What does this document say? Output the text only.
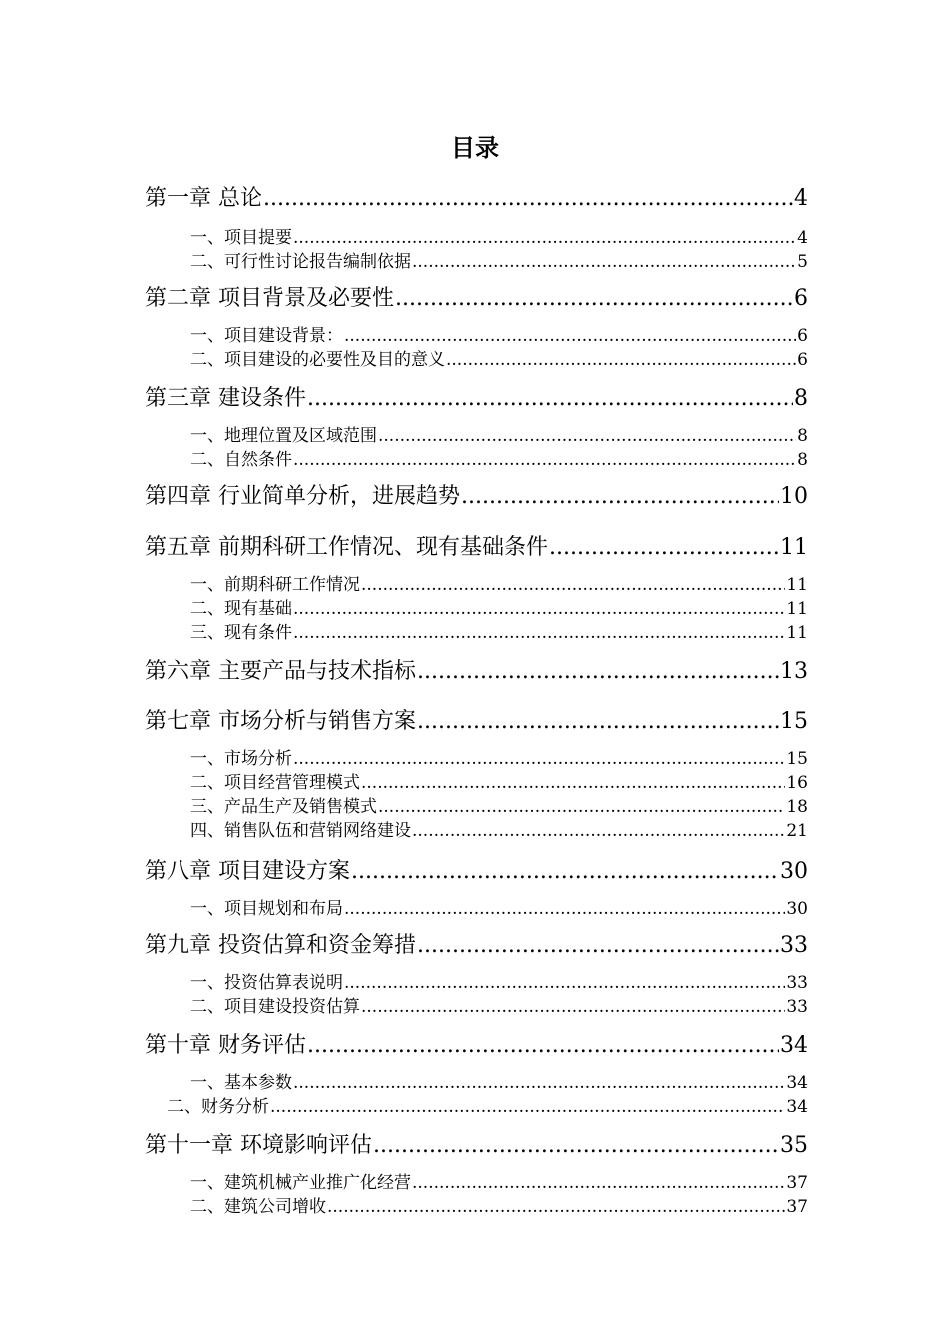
目录
第一章 总论 .....	4
一、项目提要 .....	4
二、可行性讨论报告编制依据 .....	5
第二章 项目背景及必要性 .....	6
一、项目建设背景： .....	6
二、项目建设的必要性及目的意义 .....	6
第三章 建设条件 .....	8
一、地理位置及区域范围 .....	8
二、自然条件 .....	8
第四章 行业简单分析，进展趋势 .....	10
第五章 前期科研工作情况、现有基础条件 .....	11
一、前期科研工作情况 .....	11
二、现有基础 .....	11
三、现有条件 .....	11
第六章 主要产品与技术指标 .....	13
第七章 市场分析与销售方案 .....	15
一、市场分析 .....	15
二、项目经营管理模式 .....	16
三、产品生产及销售模式 .....	18
四、销售队伍和营销网络建设 .....	21
第八章 项目建设方案 .....	30
一、项目规划和布局 .....	30
第九章 投资估算和资金筹措 .....	33
一、投资估算表说明 .....	33
二、项目建设投资估算 .....	33
第十章 财务评估 .....	34
一、基本参数 .....	34
二、财务分析 .....	34
第十一章 环境影响评估 .....	35
一、建筑机械产业推广化经营 .....	37
二、建筑公司增收 .....	37
